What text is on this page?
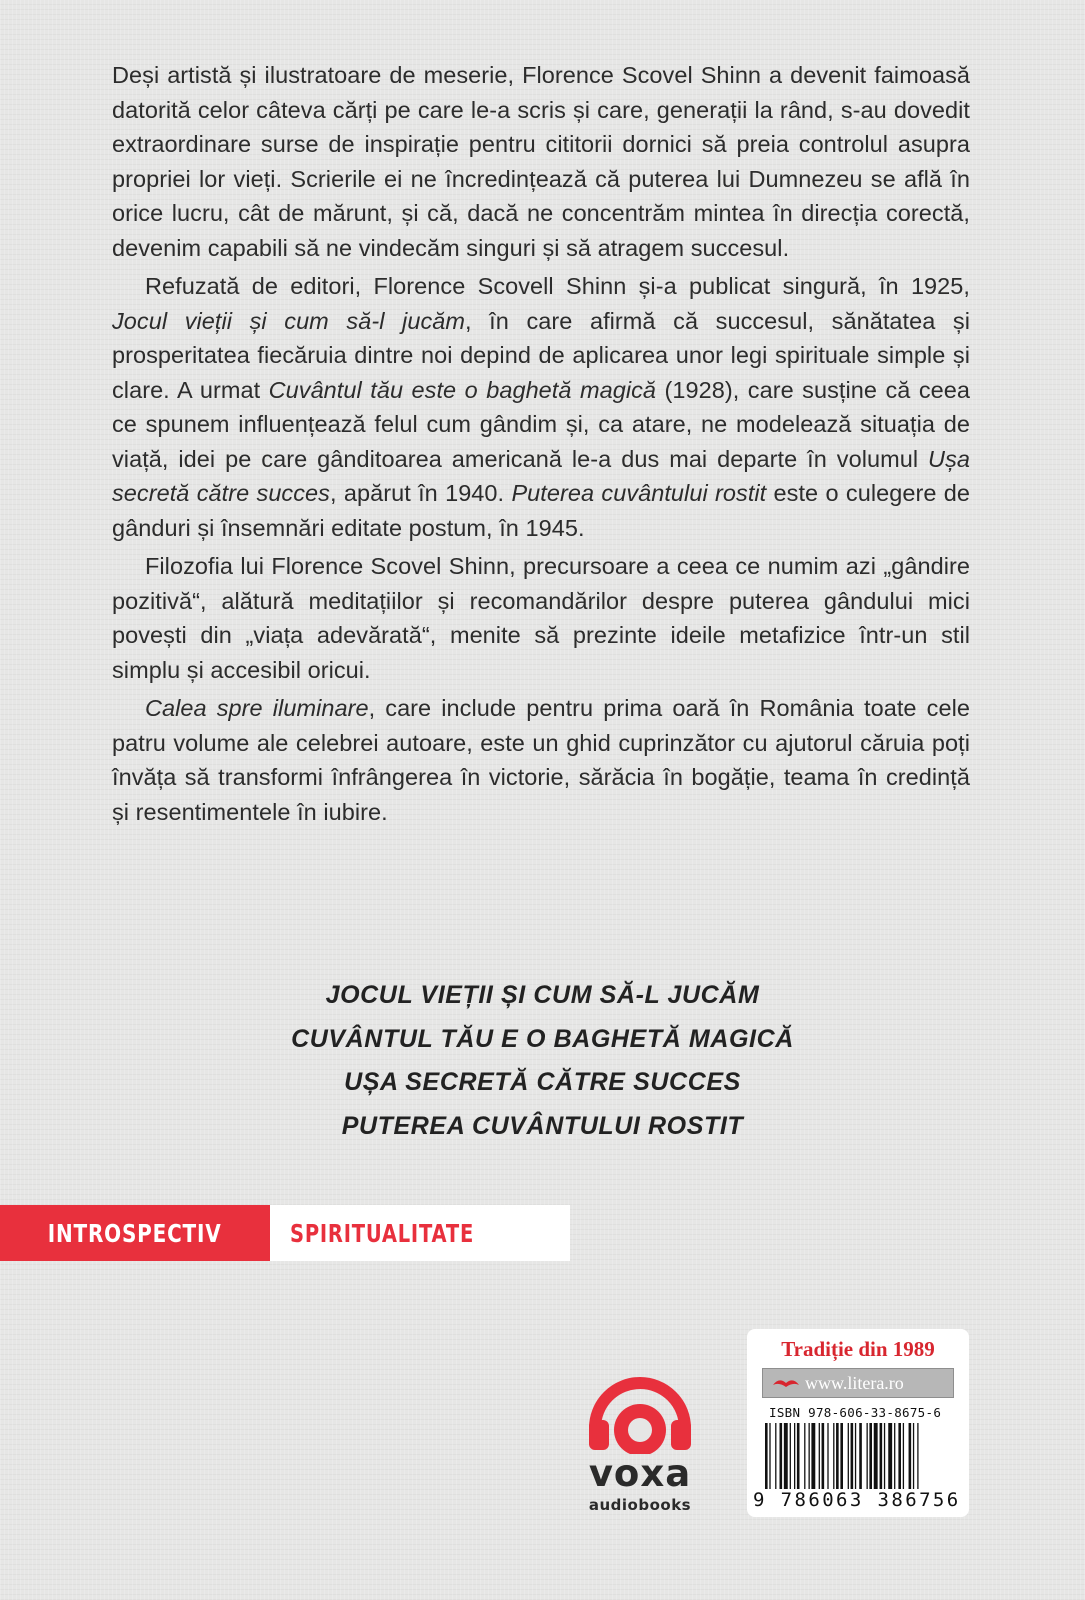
Deși artistă și ilustratoare de meserie, Florence Scovel Shinn a devenit faimoasă datorită celor câteva cărți pe care le-a scris și care, generații la rând, s-au dovedit extraordinare surse de inspirație pentru cititorii dornici să preia controlul asupra propriei lor vieți. Scrierile ei ne încredințează că puterea lui Dumnezeu se află în orice lucru, cât de mărunt, și că, dacă ne concentrăm mintea în direcția corectă, devenim capabili să ne vindecăm singuri și să atragem succesul.

Refuzată de editori, Florence Scovell Shinn și-a publicat singură, în 1925, Jocul vieții și cum să-l jucăm, în care afirmă că succesul, sănătatea și prosperitatea fiecăruia dintre noi depind de aplicarea unor legi spirituale simple și clare. A urmat Cuvântul tău este o baghetă magică (1928), care susține că ceea ce spunem influențează felul cum gândim și, ca atare, ne modelează situația de viață, idei pe care gânditoarea americană le-a dus mai departe în volumul Ușa secretă către succes, apărut în 1940. Puterea cuvântului rostit este o culegere de gânduri și însemnări editate postum, în 1945.

Filozofia lui Florence Scovel Shinn, precursoare a ceea ce numim azi „gândire pozitivă“, alătură meditațiilor și recomandărilor despre puterea gândului mici povești din „viața adevărată“, menite să prezinte ideile metafizice într-un stil simplu și accesibil oricui.

Calea spre iluminare, care include pentru prima oară în România toate cele patru volume ale celebrei autoare, este un ghid cuprinzător cu ajutorul căruia poți învăța să transformi înfrângerea în victorie, sărăcia în bogăție, teama în credință și resentimentele în iubire.

JOCUL VIEȚII ȘI CUM SĂ-L JUCĂM
CUVÂNTUL TĂU E O BAGHETĂ MAGICĂ
UȘA SECRETĂ CĂTRE SUCCES
PUTEREA CUVÂNTULUI ROSTIT
INTROSPECTIV	SPIRITUALITATE
voxa
audiobooks
Tradiție din 1989
www.litera.ro
ISBN 978-606-33-8675-6
9 786063 386756
